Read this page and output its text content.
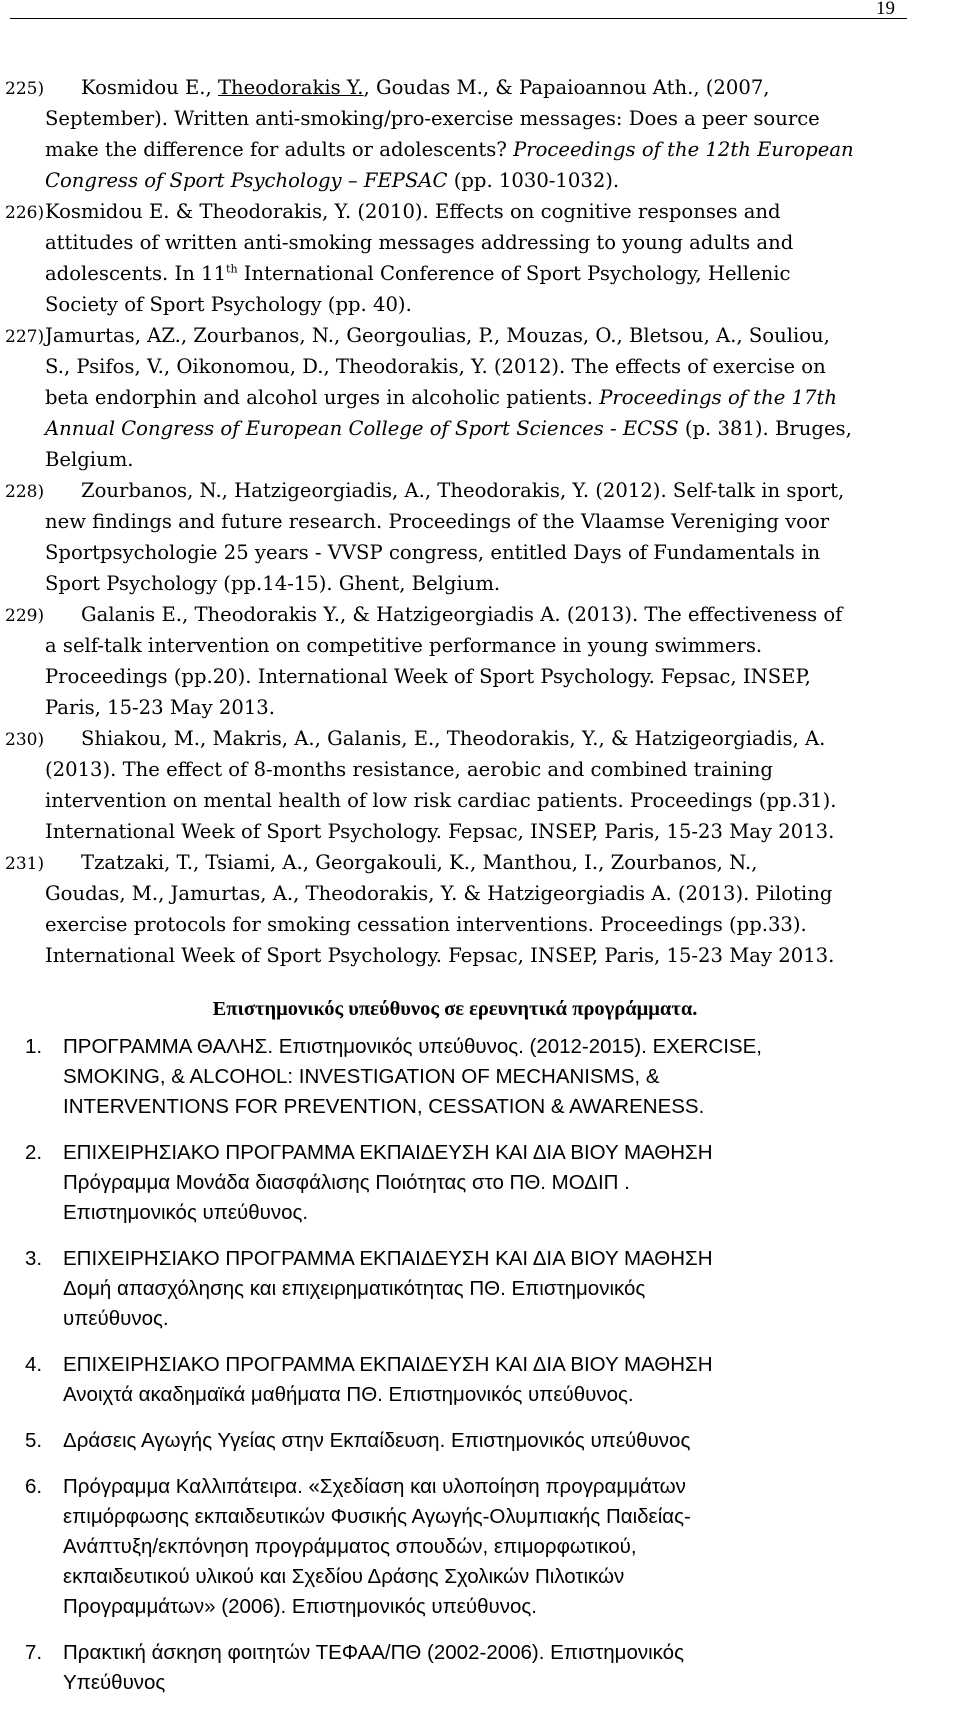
19
225) Kosmidou E., Theodorakis Y., Goudas M., & Papaioannou Ath., (2007,
September). Written anti-smoking/pro-exercise messages: Does a peer source
make the difference for adults or adolescents? Proceedings of the 12th European
Congress of Sport Psychology – FEPSAC (pp. 1030-1032).
226)Kosmidou E. & Theodorakis, Y. (2010). Effects on cognitive responses and
attitudes of written anti-smoking messages addressing to young adults and
adolescents. In 11th International Conference of Sport Psychology, Hellenic
Society of Sport Psychology (pp. 40).
227)Jamurtas, AZ., Zourbanos, N., Georgoulias, P., Mouzas, O., Bletsou, A., Souliou,
S., Psifos, V., Oikonomou, D., Theodorakis, Y. (2012). The effects of exercise on
beta endorphin and alcohol urges in alcoholic patients. Proceedings of the 17th
Annual Congress of European College of Sport Sciences - ECSS (p. 381). Bruges,
Belgium.
228) Zourbanos, N., Hatzigeorgiadis, A., Theodorakis, Y. (2012). Self-talk in sport,
new findings and future research. Proceedings of the Vlaamse Vereniging voor
Sportpsychologie 25 years - VVSP congress, entitled Days of Fundamentals in
Sport Psychology (pp.14-15). Ghent, Belgium.
229) Galanis E., Theodorakis Y., & Hatzigeorgiadis A. (2013). The effectiveness of
a self-talk intervention on competitive performance in young swimmers.
Proceedings (pp.20). International Week of Sport Psychology. Fepsac, INSEP,
Paris, 15-23 May 2013.
230) Shiakou, M., Makris, A., Galanis, E., Theodorakis, Y., & Hatzigeorgiadis, A.
(2013). The effect of 8-months resistance, aerobic and combined training
intervention on mental health of low risk cardiac patients. Proceedings (pp.31).
International Week of Sport Psychology. Fepsac, INSEP, Paris, 15-23 May 2013.
231) Tzatzaki, T., Tsiami, A., Georgakouli, K., Manthou, I., Zourbanos, N.,
Goudas, M., Jamurtas, A., Theodorakis, Y. & Hatzigeorgiadis A. (2013). Piloting
exercise protocols for smoking cessation interventions. Proceedings (pp.33).
International Week of Sport Psychology. Fepsac, INSEP, Paris, 15-23 May 2013.
Επιστημονικός υπεύθυνος σε ερευνητικά προγράμματα.
1.	ΠΡΟΓΡΑΜΜΑ ΘΑΛΗΣ. Επιστημονικός υπεύθυνος. (2012-2015). EXERCISE,
SMOKING, & ALCOHOL: INVESTIGATION OF MECHANISMS, &
INTERVENTIONS FOR PREVENTION, CESSATION & AWARENESS.
2.	ΕΠΙΧΕΙΡΗΣΙΑΚΟ ΠΡΟΓΡΑΜΜΑ ΕΚΠΑΙΔΕΥΣΗ ΚΑΙ ΔΙΑ ΒΙΟΥ ΜΑΘΗΣΗ
Πρόγραμμα Μονάδα διασφάλισης Ποιότητας στο ΠΘ. ΜΟΔΙΠ .
Επιστημονικός υπεύθυνος.
3.	ΕΠΙΧΕΙΡΗΣΙΑΚΟ ΠΡΟΓΡΑΜΜΑ ΕΚΠΑΙΔΕΥΣΗ ΚΑΙ ΔΙΑ ΒΙΟΥ ΜΑΘΗΣΗ
Δομή απασχόλησης και επιχειρηματικότητας ΠΘ. Επιστημονικός
υπεύθυνος.
4.	ΕΠΙΧΕΙΡΗΣΙΑΚΟ ΠΡΟΓΡΑΜΜΑ ΕΚΠΑΙΔΕΥΣΗ ΚΑΙ ΔΙΑ ΒΙΟΥ ΜΑΘΗΣΗ
Ανοιχτά ακαδημαϊκά μαθήματα ΠΘ. Επιστημονικός υπεύθυνος.
5.	Δράσεις Αγωγής Υγείας στην Εκπαίδευση. Επιστημονικός υπεύθυνος
6.	Πρόγραμμα Καλλιπάτειρα. «Σχεδίαση και υλοποίηση προγραμμάτων
επιμόρφωσης εκπαιδευτικών Φυσικής Αγωγής-Ολυμπιακής Παιδείας-
Ανάπτυξη/εκπόνηση προγράμματος σπουδών, επιμορφωτικού,
εκπαιδευτικού υλικού και Σχεδίου Δράσης Σχολικών Πιλοτικών
Προγραμμάτων» (2006). Επιστημονικός υπεύθυνος.
7.	Πρακτική άσκηση φοιτητών ΤΕΦΑΑ/ΠΘ (2002-2006). Επιστημονικός
Υπεύθυνος
